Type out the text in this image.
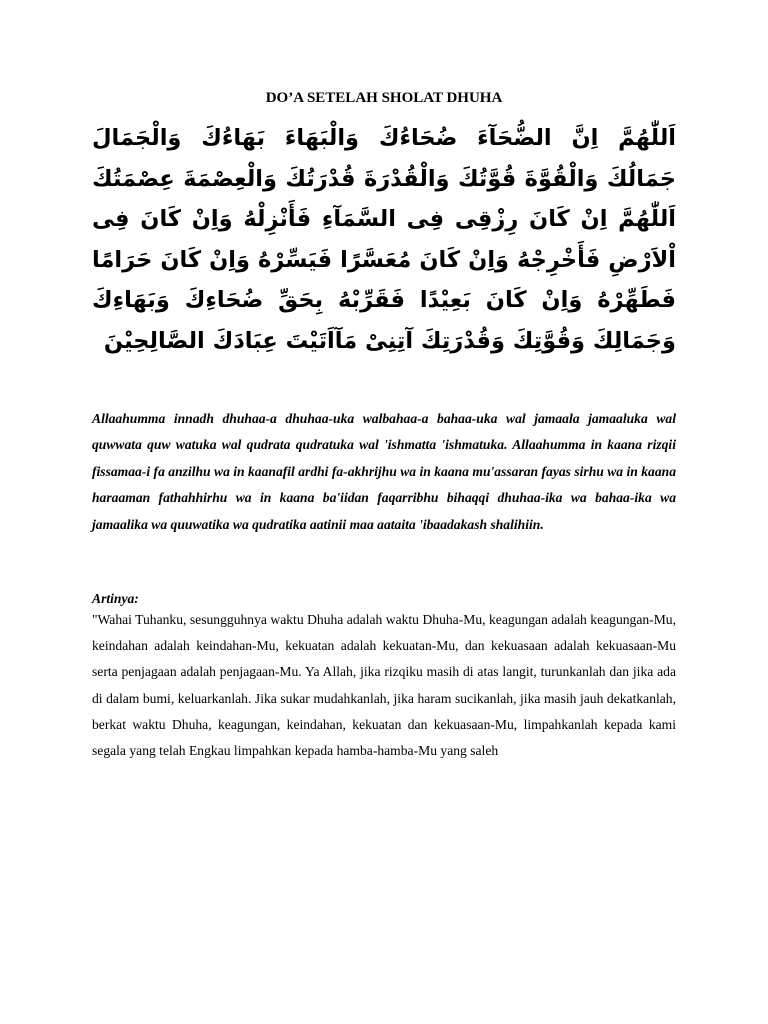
DO’A SETELAH SHOLAT DHUHA

اَللّٰهُمَّ اِنَّ الضُّحَآءَ ضُحَاءُكَ وَالْبَهَاءَ بَهَاءُكَ وَالْجَمَالَ جَمَالُكَ وَالْقُوَّةَ قُوَّتُكَ وَالْقُدْرَةَ قُدْرَتُكَ وَالْعِصْمَةَ عِصْمَتُكَ اَللّٰهُمَّ اِنْ كَانَ رِزْقِى فِى السَّمَآءِ فَأَنْزِلْهُ وَاِنْ كَانَ فِى اْلاَرْضِ فَأَخْرِجْهُ وَاِنْ كَانَ مُعَسَّرًا فَيَسِّرْهُ وَاِنْ كَانَ حَرَامًا فَطَهِّرْهُ وَاِنْ كَانَ بَعِيْدًا فَقَرِّبْهُ بِحَقِّ ضُحَاءِكَ وَبَهَاءِكَ وَجَمَالِكَ وَقُوَّتِكَ وَقُدْرَتِكَ آتِنِىْ مَآاَتَيْتَ عِبَادَكَ الصَّالِحِيْنَ

Allaahumma innadh dhuhaa-a dhuhaa-uka walbahaa-a bahaa-uka wal jamaala jamaaluka wal quwwata quw watuka wal qudrata qudratuka wal 'ishmatta 'ishmatuka. Allaahumma in kaana rizqii fissamaa-i fa anzilhu wa in kaanafil ardhi fa-akhrijhu wa in kaana mu'assaran fayas sirhu wa in kaana haraaman fathahhirhu wa in kaana ba'iidan faqarribhu bihaqqi dhuhaa-ika wa bahaa-ika wa jamaalika wa quuwatika wa qudratika aatinii maa aataita 'ibaadakash shalihiin.

Artinya:

"Wahai Tuhanku, sesungguhnya waktu Dhuha adalah waktu Dhuha-Mu, keagungan adalah keagungan-Mu, keindahan adalah keindahan-Mu, kekuatan adalah kekuatan-Mu, dan kekuasaan adalah kekuasaan-Mu serta penjagaan adalah penjagaan-Mu. Ya Allah, jika rizqiku masih di atas langit, turunkanlah dan jika ada di dalam bumi, keluarkanlah. Jika sukar mudahkanlah, jika haram sucikanlah, jika masih jauh dekatkanlah, berkat waktu Dhuha, keagungan, keindahan, kekuatan dan kekuasaan-Mu, limpahkanlah kepada kami segala yang telah Engkau limpahkan kepada hamba-hamba-Mu yang saleh
